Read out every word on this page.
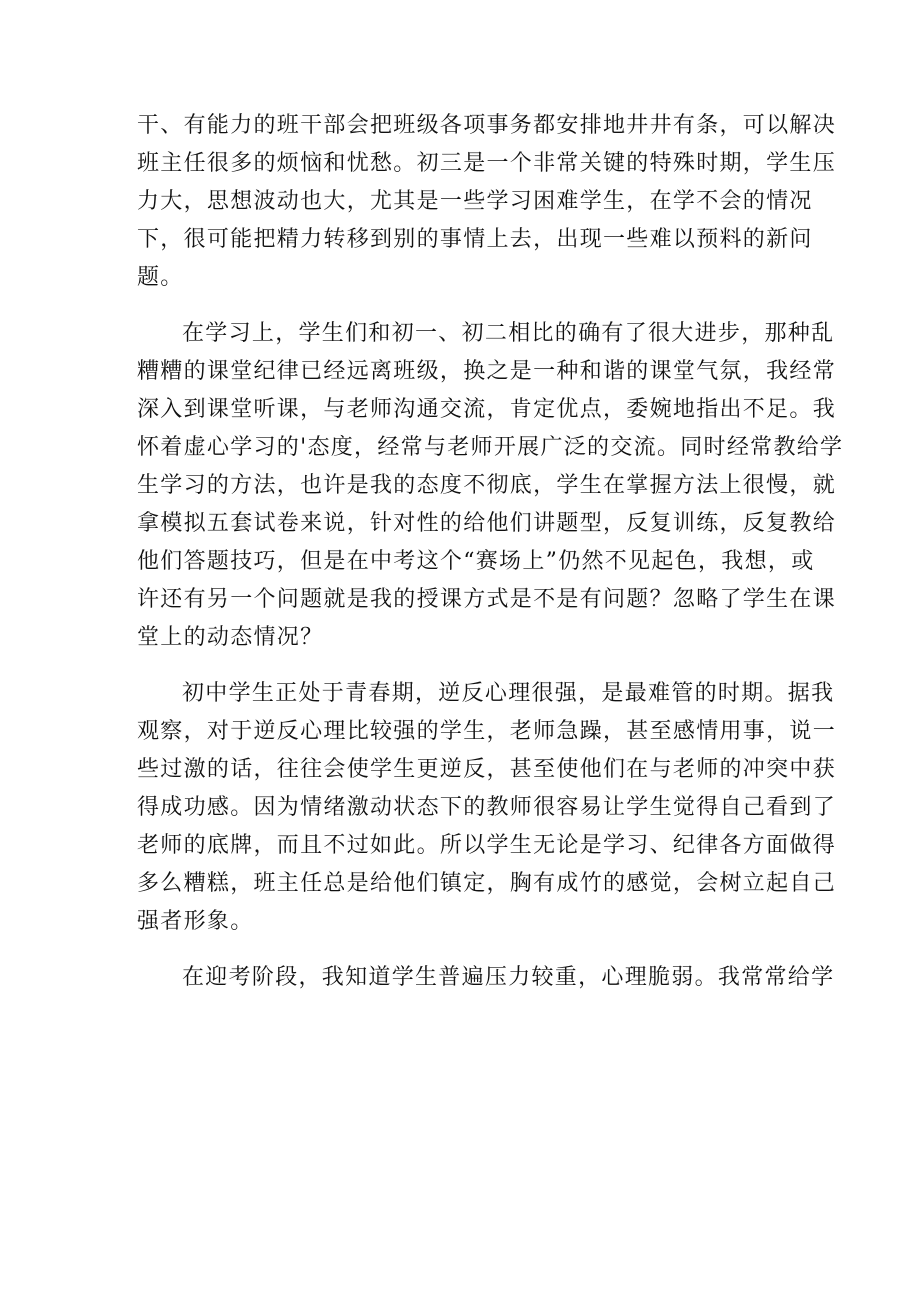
干、有能力的班干部会把班级各项事务都安排地井井有条，可以解决
班主任很多的烦恼和忧愁。初三是一个非常关键的特殊时期，学生压
力大，思想波动也大，尤其是一些学习困难学生，在学不会的情况
下，很可能把精力转移到别的事情上去，出现一些难以预料的新问
题。
在学习上，学生们和初一、初二相比的确有了很大进步，那种乱
糟糟的课堂纪律已经远离班级，换之是一种和谐的课堂气氛，我经常
深入到课堂听课，与老师沟通交流，肯定优点，委婉地指出不足。我
怀着虚心学习的'态度，经常与老师开展广泛的交流。同时经常教给学
生学习的方法，也许是我的态度不彻底，学生在掌握方法上很慢，就
拿模拟五套试卷来说，针对性的给他们讲题型，反复训练，反复教给
他们答题技巧，但是在中考这个“赛场上”仍然不见起色，我想，或
许还有另一个问题就是我的授课方式是不是有问题？忽略了学生在课
堂上的动态情况？
初中学生正处于青春期，逆反心理很强，是最难管的时期。据我
观察，对于逆反心理比较强的学生，老师急躁，甚至感情用事，说一
些过激的话，往往会使学生更逆反，甚至使他们在与老师的冲突中获
得成功感。因为情绪激动状态下的教师很容易让学生觉得自己看到了
老师的底牌，而且不过如此。所以学生无论是学习、纪律各方面做得
多么糟糕，班主任总是给他们镇定，胸有成竹的感觉，会树立起自己
强者形象。
在迎考阶段，我知道学生普遍压力较重，心理脆弱。我常常给学
